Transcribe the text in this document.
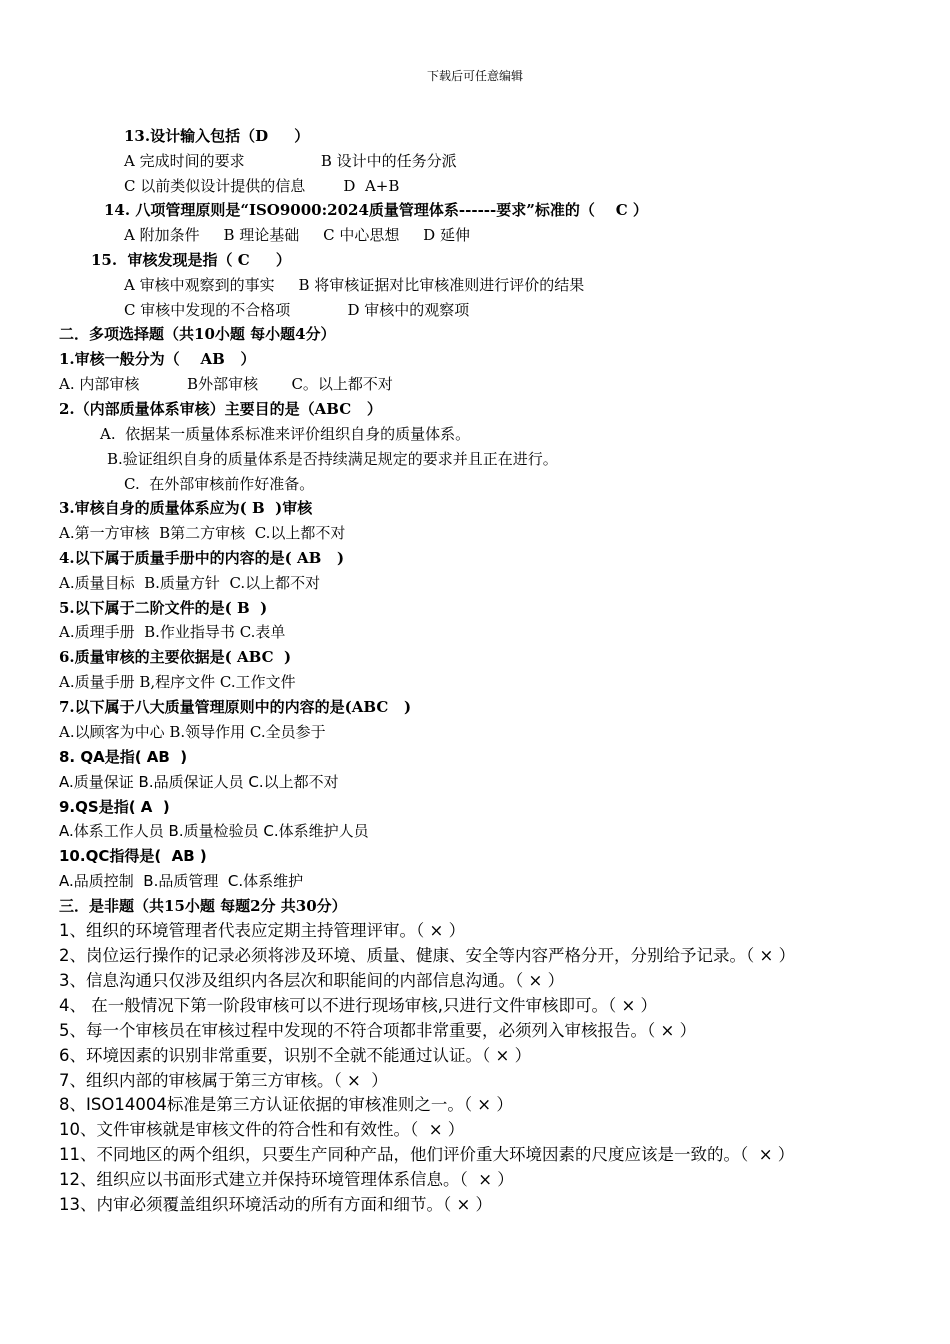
下载后可任意编辑
13.设计输入包括（D     ）
A 完成时间的要求                B 设计中的任务分派
C 以前类似设计提供的信息        D  A+B
14. 八项管理原则是“ISO9000:2024质量管理体系------要求”标准的（    C ）
A 附加条件     B 理论基础     C 中心思想     D 延伸
15.  审核发现是指（ C     ）
A 审核中观察到的事实     B 将审核证据对比审核准则进行评价的结果
C 审核中发现的不合格项            D 审核中的观察项
二．多项选择题（共10小题 每小题4分）
1.审核一般分为（    AB   ）
A. 内部审核          B外部审核       C。以上都不对
2.（内部质量体系审核）主要目的是（ABC   ）
A.  依据某一质量体系标准来评价组织自身的质量体系。
B.验证组织自身的质量体系是否持续满足规定的要求并且正在进行。
C.  在外部审核前作好准备。
3.审核自身的质量体系应为( B  )审核
A.第一方审核  B第二方审核  C.以上都不对
4.以下属于质量手册中的内容的是( AB   )
A.质量目标  B.质量方针  C.以上都不对
5.以下属于二阶文件的是( B  )
A.质理手册  B.作业指导书 C.表单
6.质量审核的主要依据是( ABC  )
A.质量手册 B,程序文件 C.工作文件
7.以下属于八大质量管理原则中的内容的是(ABC   )
A.以顾客为中心 B.领导作用 C.全员参于
8. QA是指( AB  )
A.质量保证 B.品质保证人员 C.以上都不对
9.QS是指( A  )
A.体系工作人员 B.质量检验员 C.体系维护人员
10.QC指得是(  AB )
A.品质控制  B.品质管理  C.体系维护
三．是非题（共15小题 每题2分 共30分）
1、组织的环境管理者代表应定期主持管理评审。（ × ）
2、岗位运行操作的记录必须将涉及环境、质量、健康、安全等内容严格分开，分别给予记录。（ × ）
3、信息沟通只仅涉及组织内各层次和职能间的内部信息沟通。（ × ）
4、 在一般情况下第一阶段审核可以不进行现场审核,只进行文件审核即可。（ × ）
5、每一个审核员在审核过程中发现的不符合项都非常重要，必须列入审核报告。（ × ）
6、环境因素的识别非常重要，识别不全就不能通过认证。（ × ）
7、组织内部的审核属于第三方审核。（ ×  ）
8、ISO14004标准是第三方认证依据的审核准则之一。（ × ）
10、文件审核就是审核文件的符合性和有效性。（  × ）
11、不同地区的两个组织，只要生产同种产品，他们评价重大环境因素的尺度应该是一致的。（  × ）
12、组织应以书面形式建立并保持环境管理体系信息。（  × ）
13、内审必须覆盖组织环境活动的所有方面和细节。（ × ）
